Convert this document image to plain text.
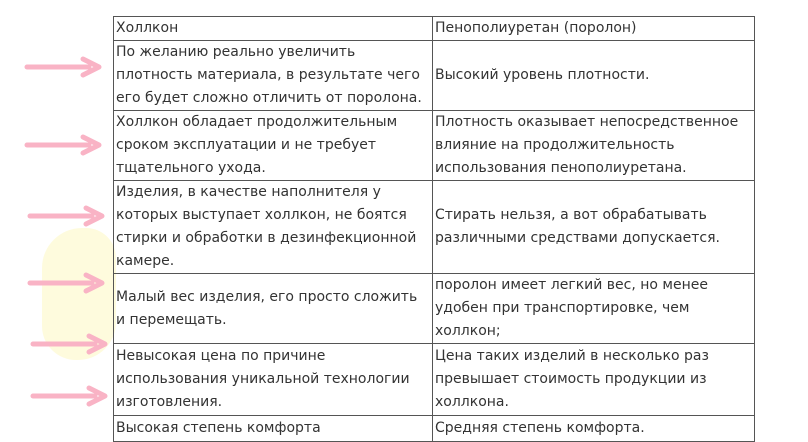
Холлкон	Пенополиуретан (поролон)
По желанию реально увеличить плотность материала, в результате чего его будет сложно отличить от поролона.	Высокий уровень плотности.
Холлкон обладает продолжительным сроком эксплуатации и не требует тщательного ухода.	Плотность оказывает непосредственное влияние на продолжительность использования пенополиуретана.
Изделия, в качестве наполнителя у которых выступает холлкон, не боятся стирки и обработки в дезинфекционной камере.	Стирать нельзя, а вот обрабатывать различными средствами допускается.
Малый вес изделия, его просто сложить и перемещать.	поролон имеет легкий вес, но менее удобен при транспортировке, чем холлкон;
Невысокая цена по причине использования уникальной технологии изготовления.	Цена таких изделий в несколько раз превышает стоимость продукции из холлкона.
Высокая степень комфорта	Средняя степень комфорта.
